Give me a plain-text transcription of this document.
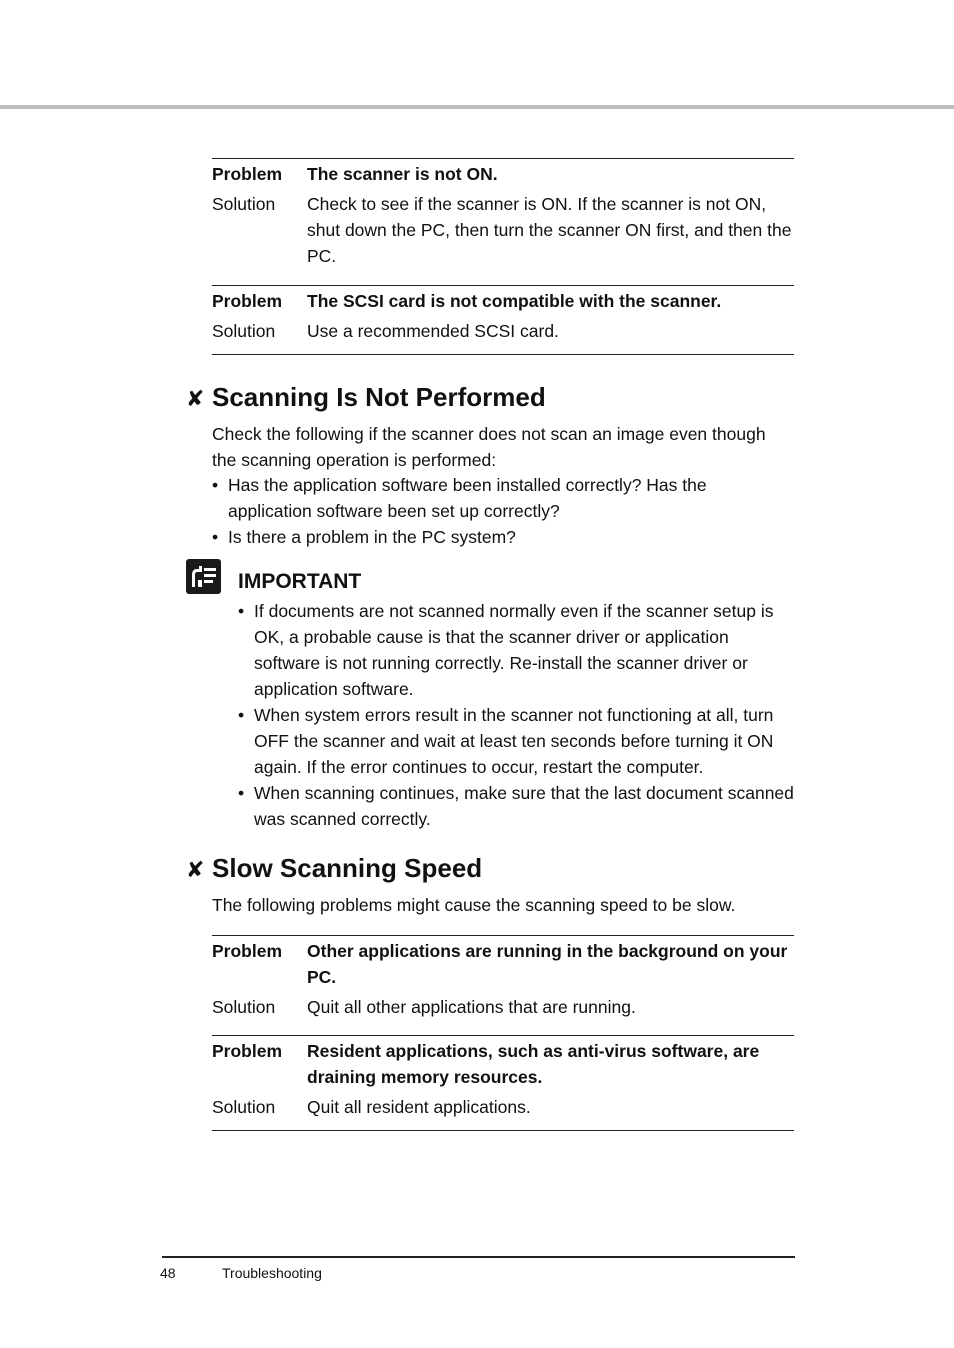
Problem The scanner is not ON.
Solution Check to see if the scanner is ON. If the scanner is not ON, shut down the PC, then turn the scanner ON first, and then the PC.
Problem The SCSI card is not compatible with the scanner.
Solution Use a recommended SCSI card.
✘ Scanning Is Not Performed
Check the following if the scanner does not scan an image even though the scanning operation is performed:
• Has the application software been installed correctly? Has the application software been set up correctly?
• Is there a problem in the PC system?
IMPORTANT
• If documents are not scanned normally even if the scanner setup is OK, a probable cause is that the scanner driver or application software is not running correctly. Re-install the scanner driver or application software.
• When system errors result in the scanner not functioning at all, turn OFF the scanner and wait at least ten seconds before turning it ON again. If the error continues to occur, restart the computer.
• When scanning continues, make sure that the last document scanned was scanned correctly.
✘ Slow Scanning Speed
The following problems might cause the scanning speed to be slow.
Problem Other applications are running in the background on your PC.
Solution Quit all other applications that are running.
Problem Resident applications, such as anti-virus software, are draining memory resources.
Solution Quit all resident applications.
48	Troubleshooting
